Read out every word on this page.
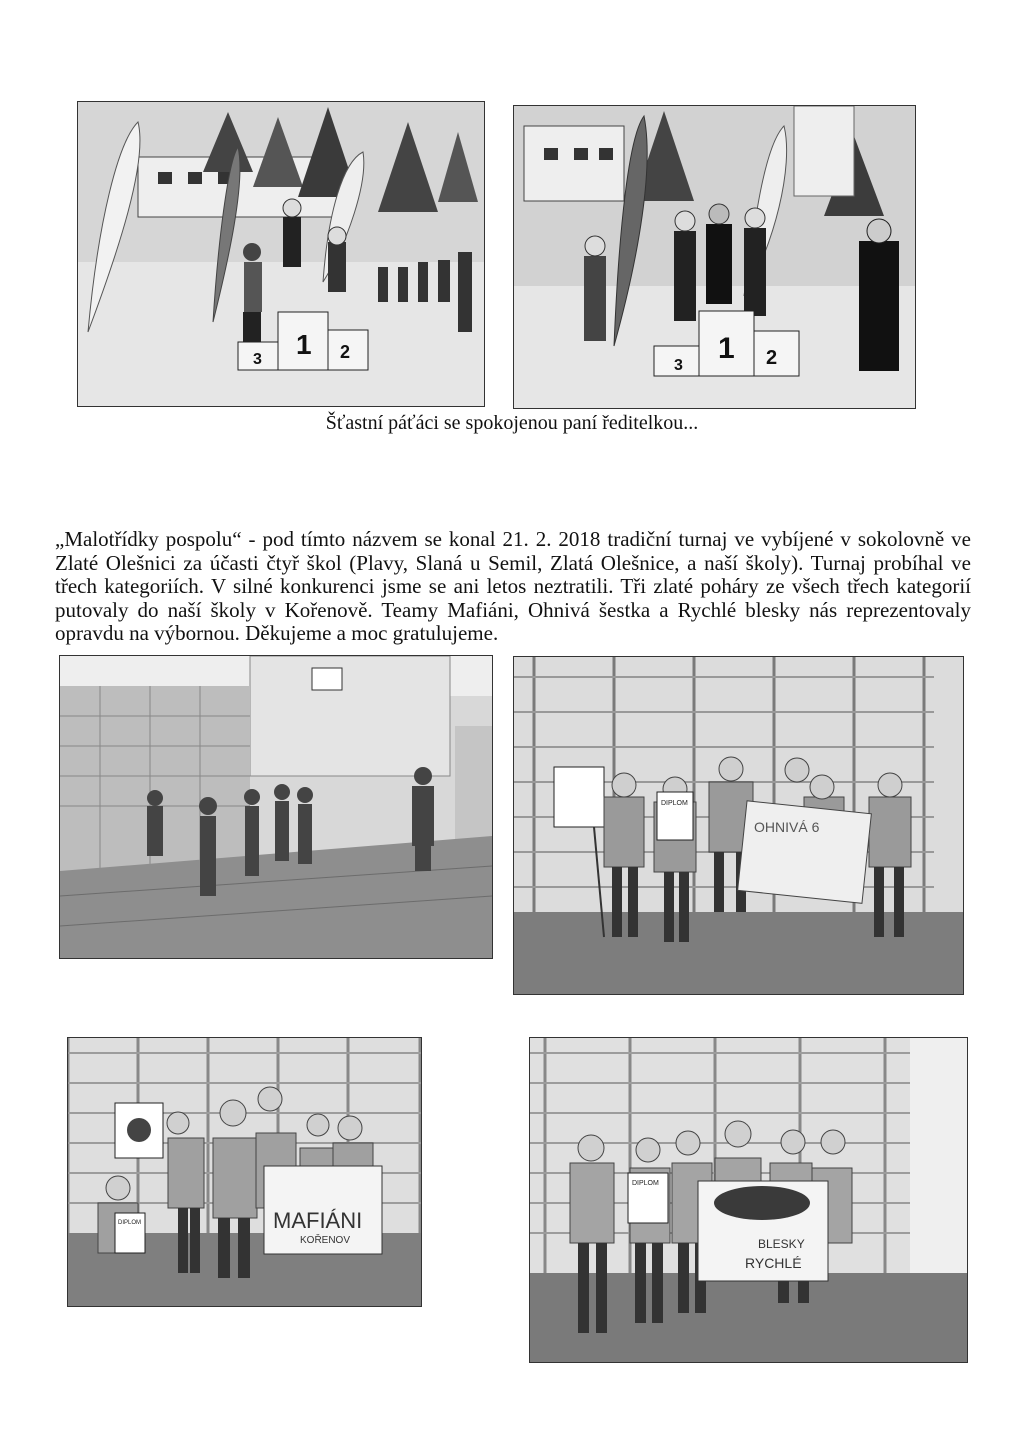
3 1 2
3
1 2
Šťastní páťáci se spokojenou paní ředitelkou...

„Malotřídky pospolu“ - pod tímto názvem se konal 21. 2. 2018 tradiční turnaj ve vybíjené v sokolovně ve Zlaté Olešnici za účasti čtyř škol (Plavy, Slaná u Semil, Zlatá Olešnice, a naší školy). Turnaj probíhal ve třech kategoriích. V silné konkurenci jsme se ani letos neztratili. Tři zlaté poháry ze všech třech kategorií putovaly do naší školy v Kořenově. Teamy Mafiáni, Ohnivá šestka a Rychlé blesky nás reprezentovaly opravdu na výbornou. Děkujeme a moc gratulujeme.

DIPLOM
OHNIVÁ 6
DIPLOM	MAFIÁNI
KOŘENOV
DIPLOM
BLESKY
RYCHLÉ
